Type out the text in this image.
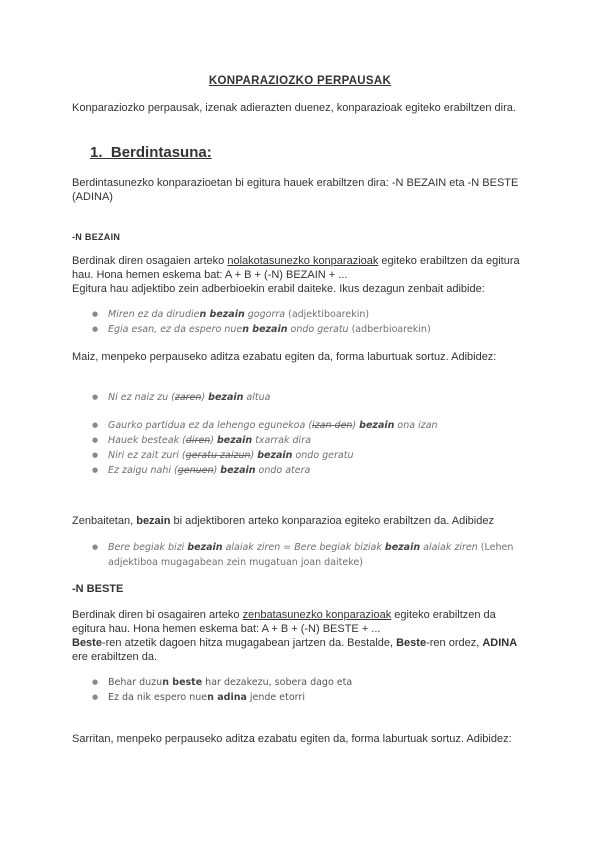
KONPARAZIOZKO PERPAUSAK
Konparaziozko perpausak, izenak adierazten duenez, konparazioak egiteko erabiltzen dira.
1. Berdintasuna:
Berdintasunezko konparazioetan bi egitura hauek erabiltzen dira: -N BEZAIN eta -N BESTE (ADINA)
-N BEZAIN
Berdinak diren osagaien arteko nolakotasunezko konparazioak egiteko erabiltzen da egitura hau. Hona hemen eskema bat: A + B + (-N) BEZAIN + ...
Egitura hau adjektibo zein adberbioekin erabil daiteke. Ikus dezagun zenbait adibide:
● Miren ez da dirudien bezain gogorra (adjektiboarekin)
● Egia esan, ez da espero nuen bezain ondo geratu (adberbioarekin)
Maiz, menpeko perpauseko aditza ezabatu egiten da, forma laburtuak sortuz. Adibidez:
● Ni ez naiz zu (zaren) bezain altua
● Gaurko partidua ez da lehengo egunekoa (izan den) bezain ona izan
● Hauek besteak (diren) bezain txarrak dira
● Niri ez zait zuri (geratu zaizun) bezain ondo geratu
● Ez zaigu nahi (genuen) bezain ondo atera
Zenbaitetan, bezain bi adjektiboren arteko konparazioa egiteko erabiltzen da. Adibidez
● Bere begiak bizi bezain alaiak ziren = Bere begiak biziak bezain alaiak ziren (Lehen adjektiboa mugagabean zein mugatuan joan daiteke)
-N BESTE
Berdinak diren bi osagairen arteko zenbatasunezko konparazioak egiteko erabiltzen da egitura hau. Hona hemen eskema bat: A + B + (-N) BESTE + ...
Beste-ren atzetik dagoen hitza mugagabean jartzen da. Bestalde, Beste-ren ordez, ADINA ere erabiltzen da.
● Behar duzun beste har dezakezu, sobera dago eta
● Ez da nik espero nuen adina jende etorri
Sarritan, menpeko perpauseko aditza ezabatu egiten da, forma laburtuak sortuz. Adibidez:
